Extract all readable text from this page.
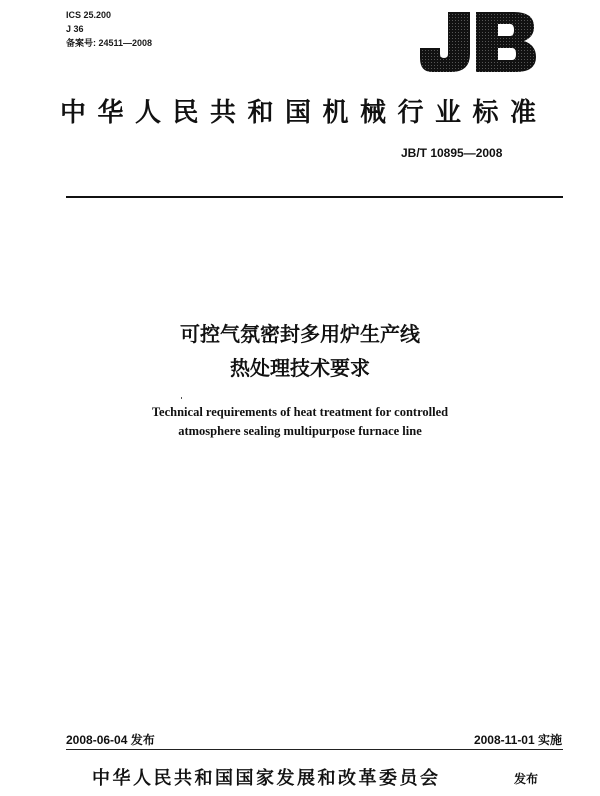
ICS 25.200
J 36
备案号: 24511—2008
中华人民共和国机械行业标准
JB/T 10895—2008
可控气氛密封多用炉生产线
热处理技术要求
Technical requirements of heat treatment for controlled
atmosphere sealing multipurpose furnace line
2008-06-04 发布	2008-11-01 实施
中华人民共和国国家发展和改革委员会	发布
